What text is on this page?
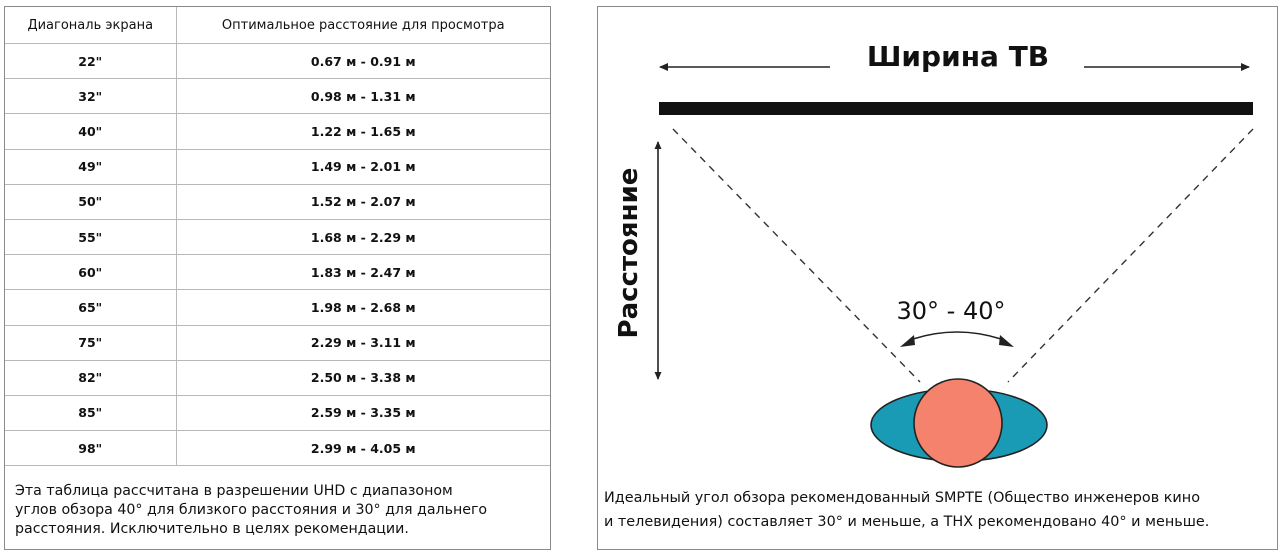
Диагональ экрана	Оптимальное расстояние для просмотра
22"	0.67 м - 0.91 м
32"	0.98 м - 1.31 м
40"	1.22 м - 1.65 м
49"	1.49 м - 2.01 м
50"	1.52 м - 2.07 м
55"	1.68 м - 2.29 м
60"	1.83 м - 2.47 м
65"	1.98 м - 2.68 м
75"	2.29 м - 3.11 м
82"	2.50 м - 3.38 м
85"	2.59 м - 3.35 м
98"	2.99 м - 4.05 м
Эта таблица рассчитана в разрешении UHD с диапазоном
углов обзора 40° для близкого расстояния и 30° для дальнего
расстояния. Исключительно в целях рекомендации.
Ширина ТВ
Расстояние	30° - 40°
Идеальный угол обзора рекомендованный SMPTE (Общество инженеров кино
и телевидения) составляет 30° и меньше, а THX рекомендовано 40° и меньше.
